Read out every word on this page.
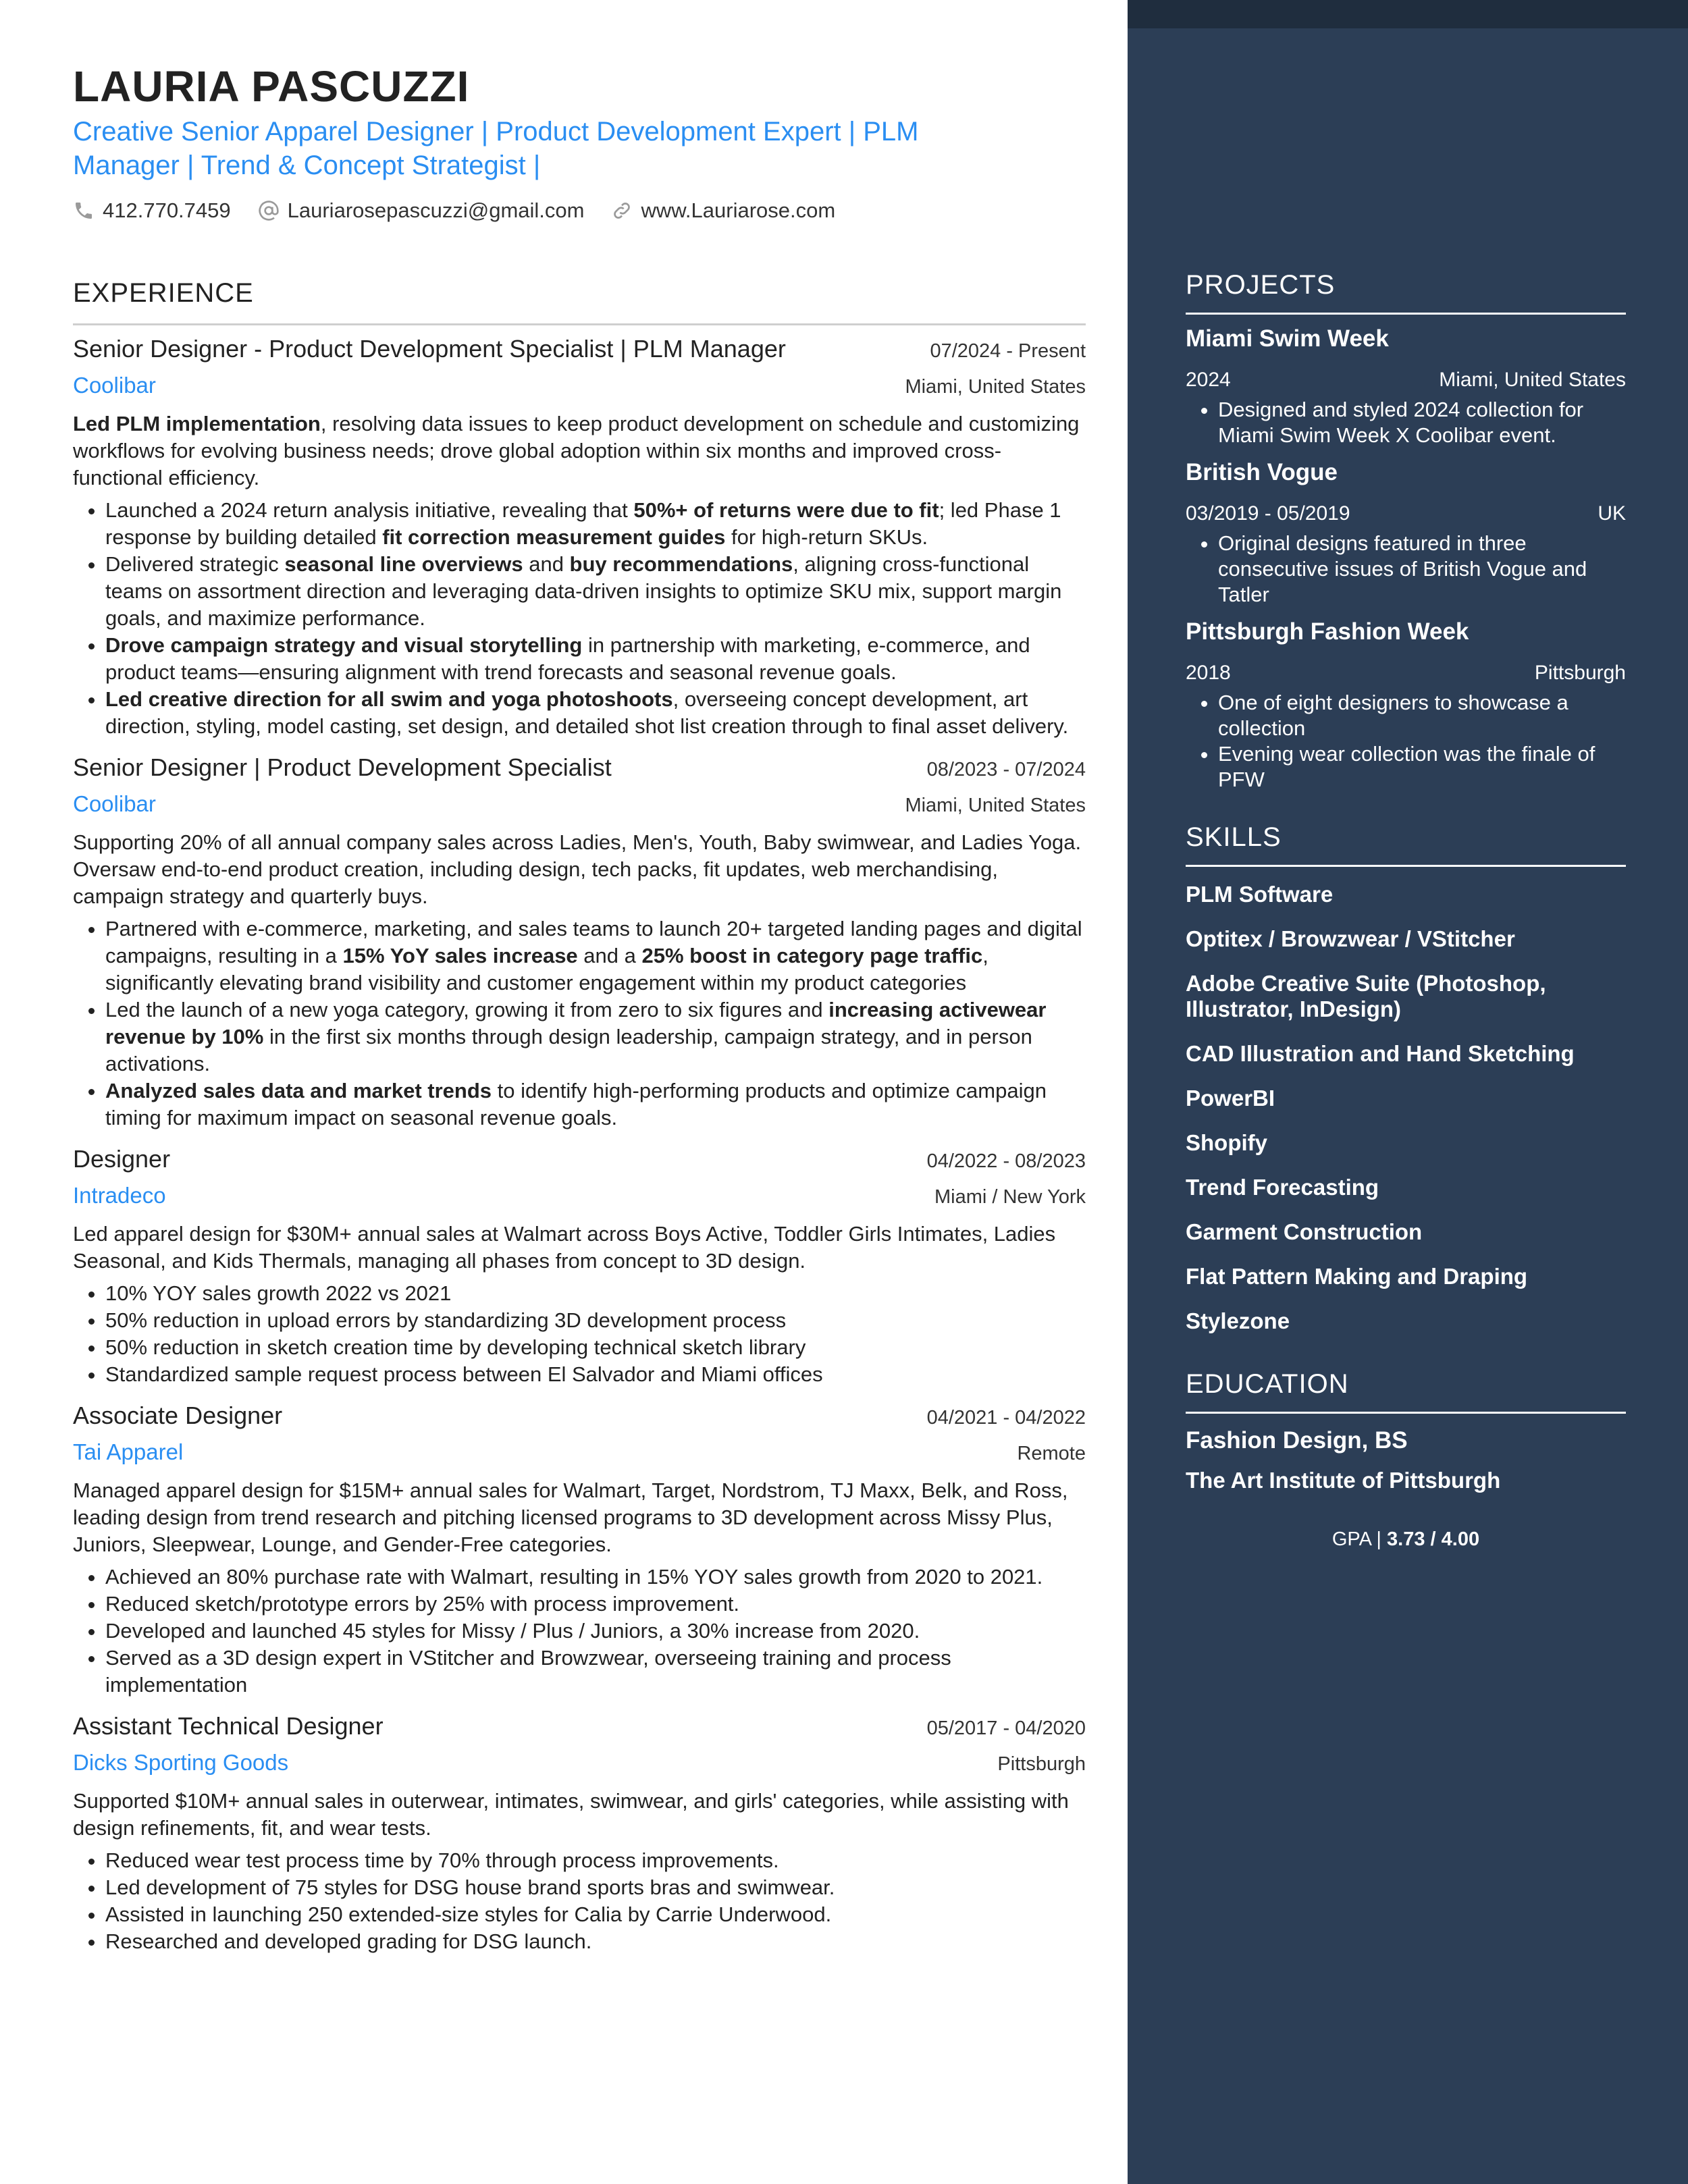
LAURIA PASCUZZI
Creative Senior Apparel Designer | Product Development Expert | PLM Manager | Trend & Concept Strategist |
412.770.7459	Lauriarosepascuzzi@gmail.com	www.Lauriarose.com
EXPERIENCE
Senior Designer - Product Development Specialist | PLM Manager	07/2024 - Present
Coolibar	Miami, United States
Led PLM implementation, resolving data issues to keep product development on schedule and customizing workflows for evolving business needs; drove global adoption within six months and improved cross-functional efficiency.
• Launched a 2024 return analysis initiative, revealing that 50%+ of returns were due to fit; led Phase 1 response by building detailed fit correction measurement guides for high-return SKUs.
• Delivered strategic seasonal line overviews and buy recommendations, aligning cross-functional teams on assortment direction and leveraging data-driven insights to optimize SKU mix, support margin goals, and maximize performance.
• Drove campaign strategy and visual storytelling in partnership with marketing, e-commerce, and product teams—ensuring alignment with trend forecasts and seasonal revenue goals.
• Led creative direction for all swim and yoga photoshoots, overseeing concept development, art direction, styling, model casting, set design, and detailed shot list creation through to final asset delivery.
Senior Designer | Product Development Specialist	08/2023 - 07/2024
Coolibar	Miami, United States
Supporting 20% of all annual company sales across Ladies, Men's, Youth, Baby swimwear, and Ladies Yoga. Oversaw end-to-end product creation, including design, tech packs, fit updates, web merchandising, campaign strategy and quarterly buys.
• Partnered with e-commerce, marketing, and sales teams to launch 20+ targeted landing pages and digital campaigns, resulting in a 15% YoY sales increase and a 25% boost in category page traffic, significantly elevating brand visibility and customer engagement within my product categories
• Led the launch of a new yoga category, growing it from zero to six figures and increasing activewear revenue by 10% in the first six months through design leadership, campaign strategy, and in person activations.
• Analyzed sales data and market trends to identify high-performing products and optimize campaign timing for maximum impact on seasonal revenue goals.
Designer	04/2022 - 08/2023
Intradeco	Miami / New York
Led apparel design for $30M+ annual sales at Walmart across Boys Active, Toddler Girls Intimates, Ladies Seasonal, and Kids Thermals, managing all phases from concept to 3D design.
• 10% YOY sales growth 2022 vs 2021
• 50% reduction in upload errors by standardizing 3D development process
• 50% reduction in sketch creation time by developing technical sketch library
• Standardized sample request process between El Salvador and Miami offices
Associate Designer	04/2021 - 04/2022
Tai Apparel	Remote
Managed apparel design for $15M+ annual sales for Walmart, Target, Nordstrom, TJ Maxx, Belk, and Ross, leading design from trend research and pitching licensed programs to 3D development across Missy Plus, Juniors, Sleepwear, Lounge, and Gender-Free categories.
• Achieved an 80% purchase rate with Walmart, resulting in 15% YOY sales growth from 2020 to 2021.
• Reduced sketch/prototype errors by 25% with process improvement.
• Developed and launched 45 styles for Missy / Plus / Juniors, a 30% increase from 2020.
• Served as a 3D design expert in VStitcher and Browzwear, overseeing training and process implementation
Assistant Technical Designer	05/2017 - 04/2020
Dicks Sporting Goods	Pittsburgh
Supported $10M+ annual sales in outerwear, intimates, swimwear, and girls' categories, while assisting with design refinements, fit, and wear tests.
• Reduced wear test process time by 70% through process improvements.
• Led development of 75 styles for DSG house brand sports bras and swimwear.
• Assisted in launching 250 extended-size styles for Calia by Carrie Underwood.
• Researched and developed grading for DSG launch.
PROJECTS
Miami Swim Week
2024	Miami, United States
• Designed and styled 2024 collection for Miami Swim Week X Coolibar event.
British Vogue
03/2019 - 05/2019	UK
• Original designs featured in three consecutive issues of British Vogue and Tatler
Pittsburgh Fashion Week
2018	Pittsburgh
• One of eight designers to showcase a collection
• Evening wear collection was the finale of PFW
SKILLS
PLM Software
Optitex / Browzwear / VStitcher
Adobe Creative Suite (Photoshop, Illustrator, InDesign)
CAD Illustration and Hand Sketching
PowerBI
Shopify
Trend Forecasting
Garment Construction
Flat Pattern Making and Draping
Stylezone
EDUCATION
Fashion Design, BS
The Art Institute of Pittsburgh
GPA | 3.73 / 4.00
